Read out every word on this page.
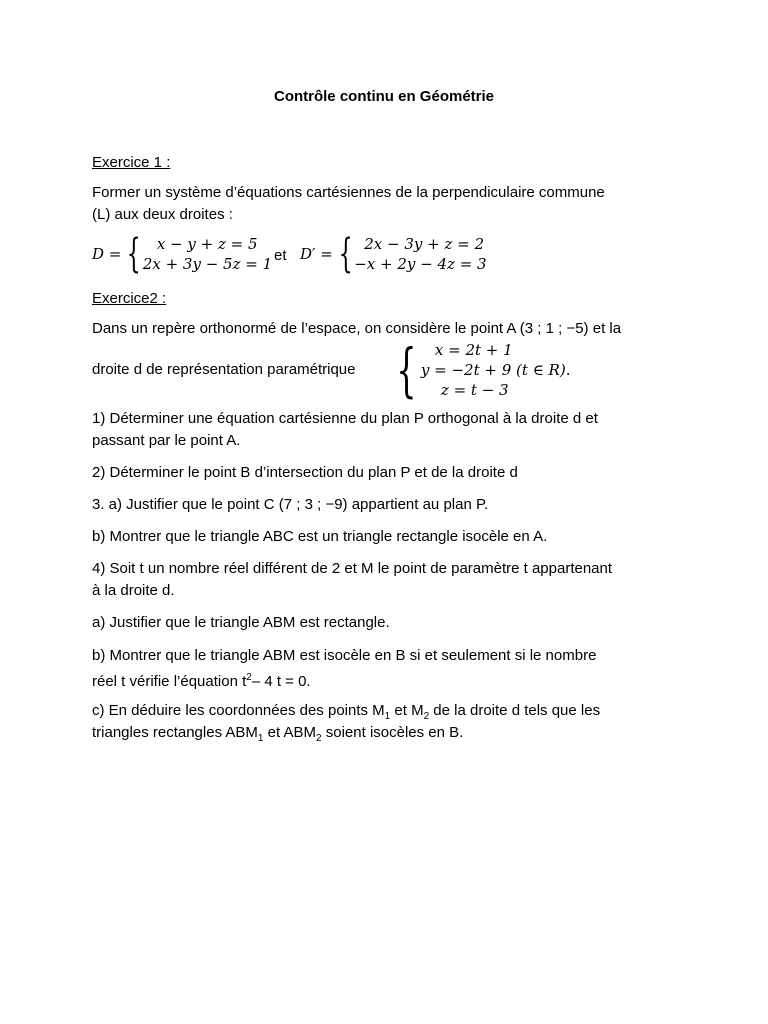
Contrôle continu en Géométrie
Exercice 1 :
Former un système d’équations cartésiennes de la perpendiculaire commune
(L) aux deux droites :
D = {	x − y + z = 5
2x + 3y − 5z = 1 et D′ = { 2x − 3y + z = 2
−x + 2y − 4z = 3
Exercice2 :
Dans un repère orthonormé de l’espace, on considère le point A (3 ; 1 ; −5) et la
droite d de représentation paramétrique {	x = 2t + 1
y = −2t + 9 (t ∈ R).
z = t − 3
1) Déterminer une équation cartésienne du plan P orthogonal à la droite d et
passant par le point A.
2) Déterminer le point B d’intersection du plan P et de la droite d
3. a) Justifier que le point C (7 ; 3 ; −9) appartient au plan P.
b) Montrer que le triangle ABC est un triangle rectangle isocèle en A.
4) Soit t un nombre réel différent de 2 et M le point de paramètre t appartenant
à la droite d.
a) Justifier que le triangle ABM est rectangle.
b) Montrer que le triangle ABM est isocèle en B si et seulement si le nombre
réel t vérifie l’équation $t^2-$ 4 t = 0.
c) En déduire les coordonnées des points $M_1$ et $M_2$ de la droite d tels que les
triangles rectangles $ABM_1$ et $ABM_2$ soient isocèles en B.
